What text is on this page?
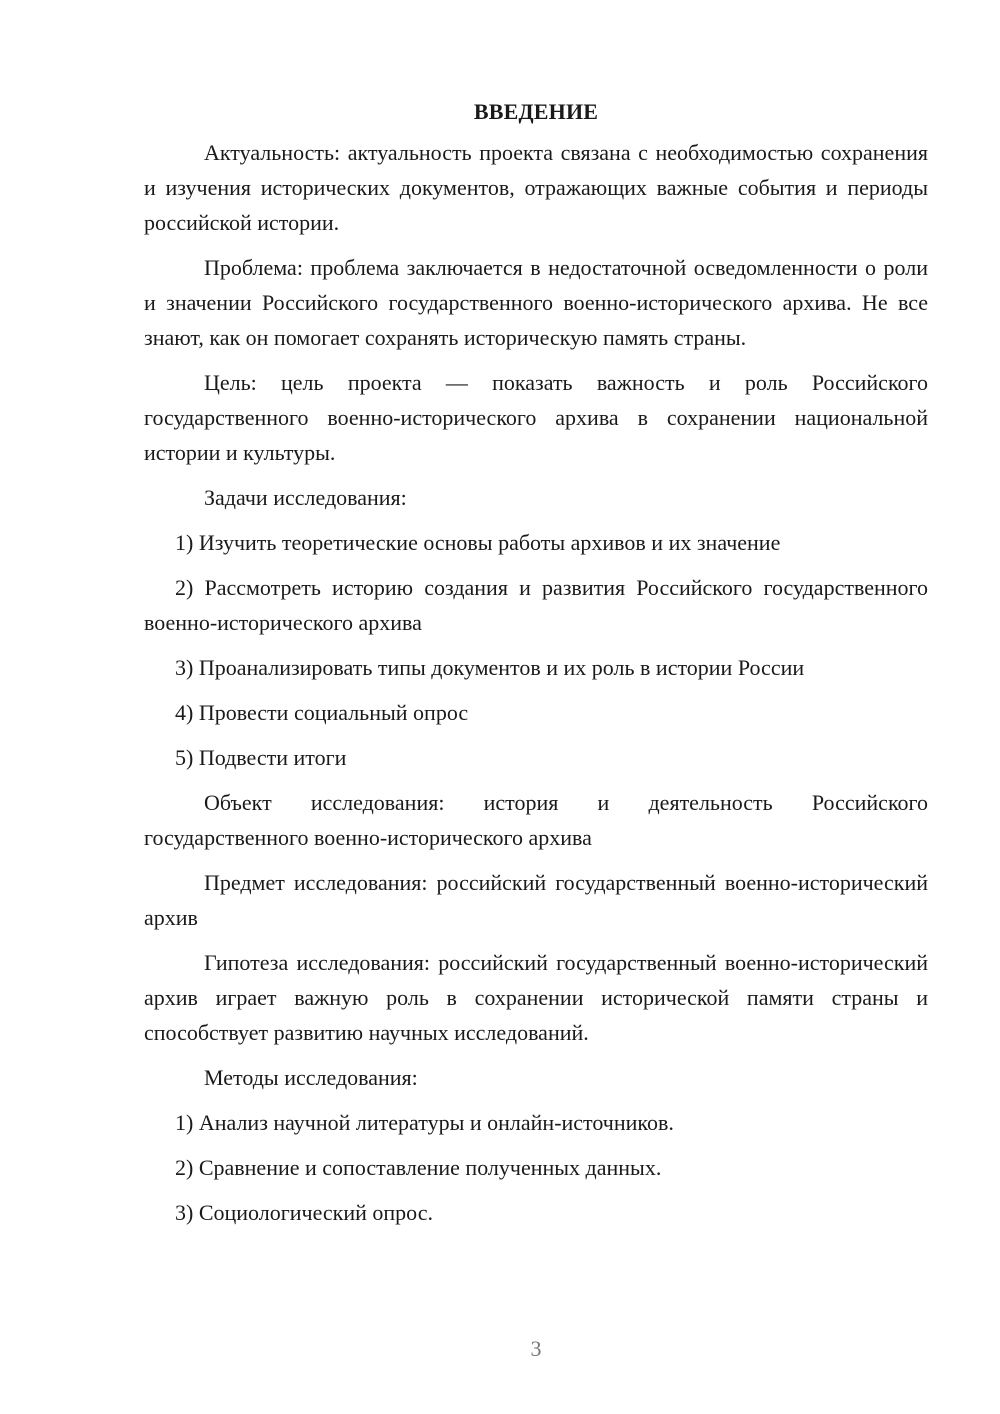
ВВЕДЕНИЕ

Актуальность: актуальность проекта связана с необходимостью сохранения и изучения исторических документов, отражающих важные события и периоды российской истории.

Проблема: проблема заключается в недостаточной осведомленности о роли и значении Российского государственного военно-исторического архива. Не все знают, как он помогает сохранять историческую память страны.

Цель: цель проекта — показать важность и роль Российского государственного военно-исторического архива в сохранении национальной истории и культуры.

Задачи исследования:

1) Изучить теоретические основы работы архивов и их значение

2) Рассмотреть историю создания и развития Российского государственного военно-исторического архива

3) Проанализировать типы документов и их роль в истории России

4) Провести социальный опрос

5) Подвести итоги

Объект исследования: история и деятельность Российского государственного военно-исторического архива

Предмет исследования: российский государственный военно-исторический архив

Гипотеза исследования: российский государственный военно-исторический архив играет важную роль в сохранении исторической памяти страны и способствует развитию научных исследований.

Методы исследования:

1) Анализ научной литературы и онлайн-источников.

2) Сравнение и сопоставление полученных данных.

3) Социологический опрос.

3
